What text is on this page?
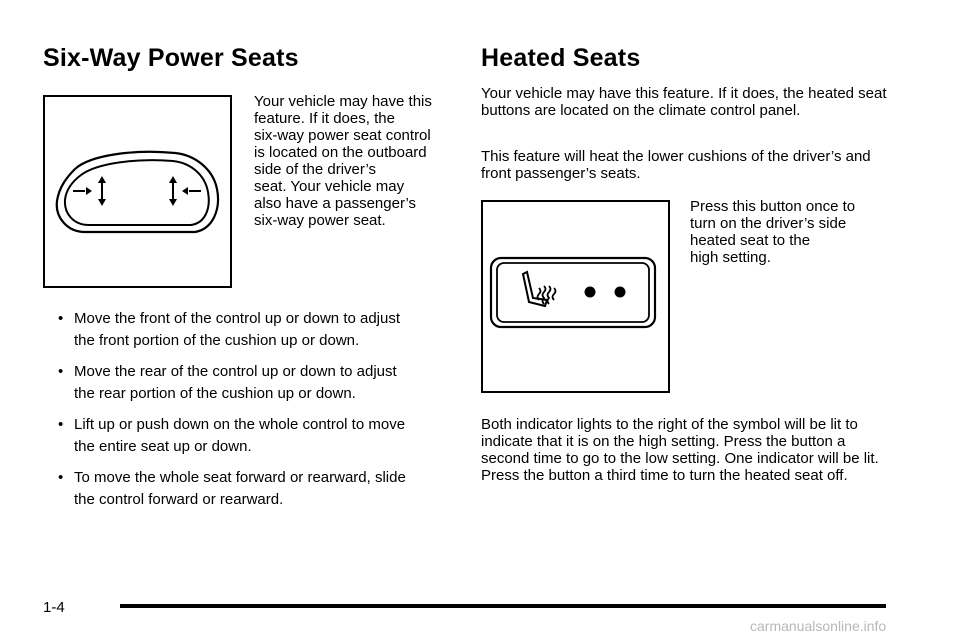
Six-Way Power Seats
Your vehicle may have this
feature. If it does, the
six-way power seat control
is located on the outboard
side of the driver’s
seat. Your vehicle may
also have a passenger’s
six-way power seat.
• Move the front of the control up or down to adjust
the front portion of the cushion up or down.
• Move the rear of the control up or down to adjust
the rear portion of the cushion up or down.
• Lift up or push down on the whole control to move
the entire seat up or down.
• To move the whole seat forward or rearward, slide
the control forward or rearward.
Heated Seats

Your vehicle may have this feature. If it does, the heated seat buttons are located on the climate control panel.

This feature will heat the lower cushions of the driver’s and front passenger’s seats.

Press this button once to
turn on the driver’s side
heated seat to the
high setting.

Both indicator lights to the right of the symbol will be lit to indicate that it is on the high setting. Press the button a second time to go to the low setting. One indicator will be lit. Press the button a third time to turn the heated seat off.

1-4
carmanualsonline.info
